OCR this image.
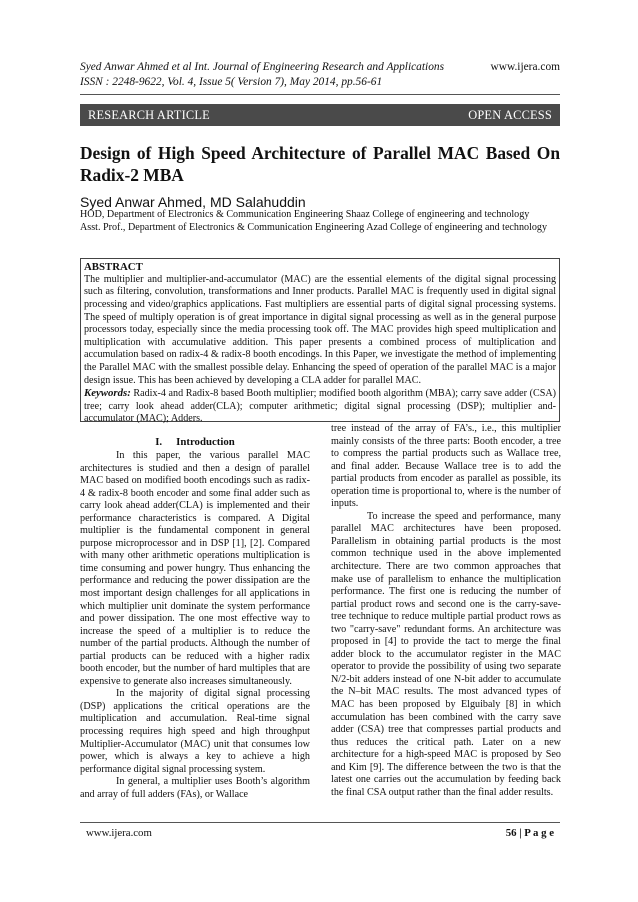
Syed Anwar Ahmed et al Int. Journal of Engineering Research and Applications	www.ijera.com
ISSN : 2248-9622, Vol. 4, Issue 5( Version 7), May 2014, pp.56-61
RESEARCH ARTICLE	OPEN ACCESS
Design of High Speed Architecture of Parallel MAC Based On Radix-2 MBA
Syed Anwar Ahmed, MD Salahuddin

HOD, Department of Electronics & Communication Engineering Shaaz College of engineering and technology

Asst. Prof., Department of Electronics & Communication Engineering Azad College of engineering and technology

ABSTRACT

The multiplier and multiplier-and-accumulator (MAC) are the essential elements of the digital signal processing such as filtering, convolution, transformations and Inner products. Parallel MAC is frequently used in digital signal processing and video/graphics applications. Fast multipliers are essential parts of digital signal processing systems. The speed of multiply operation is of great importance in digital signal processing as well as in the general purpose processors today, especially since the media processing took off. The MAC provides high speed multiplication and multiplication with accumulative addition. This paper presents a combined process of multiplication and accumulation based on radix-4 & radix-8 booth encodings. In this Paper, we investigate the method of implementing the Parallel MAC with the smallest possible delay. Enhancing the speed of operation of the parallel MAC is a major design issue. This has been achieved by developing a CLA adder for parallel MAC.

Keywords: Radix-4 and Radix-8 based Booth multiplier; modified booth algorithm (MBA); carry save adder (CSA) tree; carry look ahead adder(CLA); computer arithmetic; digital signal processing (DSP); multiplier and-accumulator (MAC); Adders.

I. Introduction

In this paper, the various parallel MAC architectures is studied and then a design of parallel MAC based on modified booth encodings such as radix-4 & radix-8 booth encoder and some final adder such as carry look ahead adder(CLA) is implemented and their performance characteristics is compared. A Digital multiplier is the fundamental component in general purpose microprocessor and in DSP [1], [2]. Compared with many other arithmetic operations multiplication is time consuming and power hungry. Thus enhancing the performance and reducing the power dissipation are the most important design challenges for all applications in which multiplier unit dominate the system performance and power dissipation. The one most effective way to increase the speed of a multiplier is to reduce the number of the partial products. Although the number of partial products can be reduced with a higher radix booth encoder, but the number of hard multiples that are expensive to generate also increases simultaneously.

In the majority of digital signal processing (DSP) applications the critical operations are the multiplication and accumulation. Real-time signal processing requires high speed and high throughput Multiplier-Accumulator (MAC) unit that consumes low power, which is always a key to achieve a high performance digital signal processing system.

In general, a multiplier uses Booth’s algorithm and array of full adders (FAs), or Wallace

tree instead of the array of FA’s., i.e., this multiplier mainly consists of the three parts: Booth encoder, a tree to compress the partial products such as Wallace tree, and final adder. Because Wallace tree is to add the partial products from encoder as parallel as possible, its operation time is proportional to, where is the number of inputs.

To increase the speed and performance, many parallel MAC architectures have been proposed. Parallelism in obtaining partial products is the most common technique used in the above implemented architecture. There are two common approaches that make use of parallelism to enhance the multiplication performance. The first one is reducing the number of partial product rows and second one is the carry-save-tree technique to reduce multiple partial product rows as two "carry-save" redundant forms. An architecture was proposed in [4] to provide the tact to merge the final adder block to the accumulator register in the MAC operator to provide the possibility of using two separate N/2-bit adders instead of one N-bit adder to accumulate the N–bit MAC results. The most advanced types of MAC has been proposed by Elguibaly [8] in which accumulation has been combined with the carry save adder (CSA) tree that compresses partial products and thus reduces the critical path. Later on a new architecture for a high-speed MAC is proposed by Seo and Kim [9]. The difference between the two is that the latest one carries out the accumulation by feeding back the final CSA output rather than the final adder results.

www.ijera.com	56 | P a g e
